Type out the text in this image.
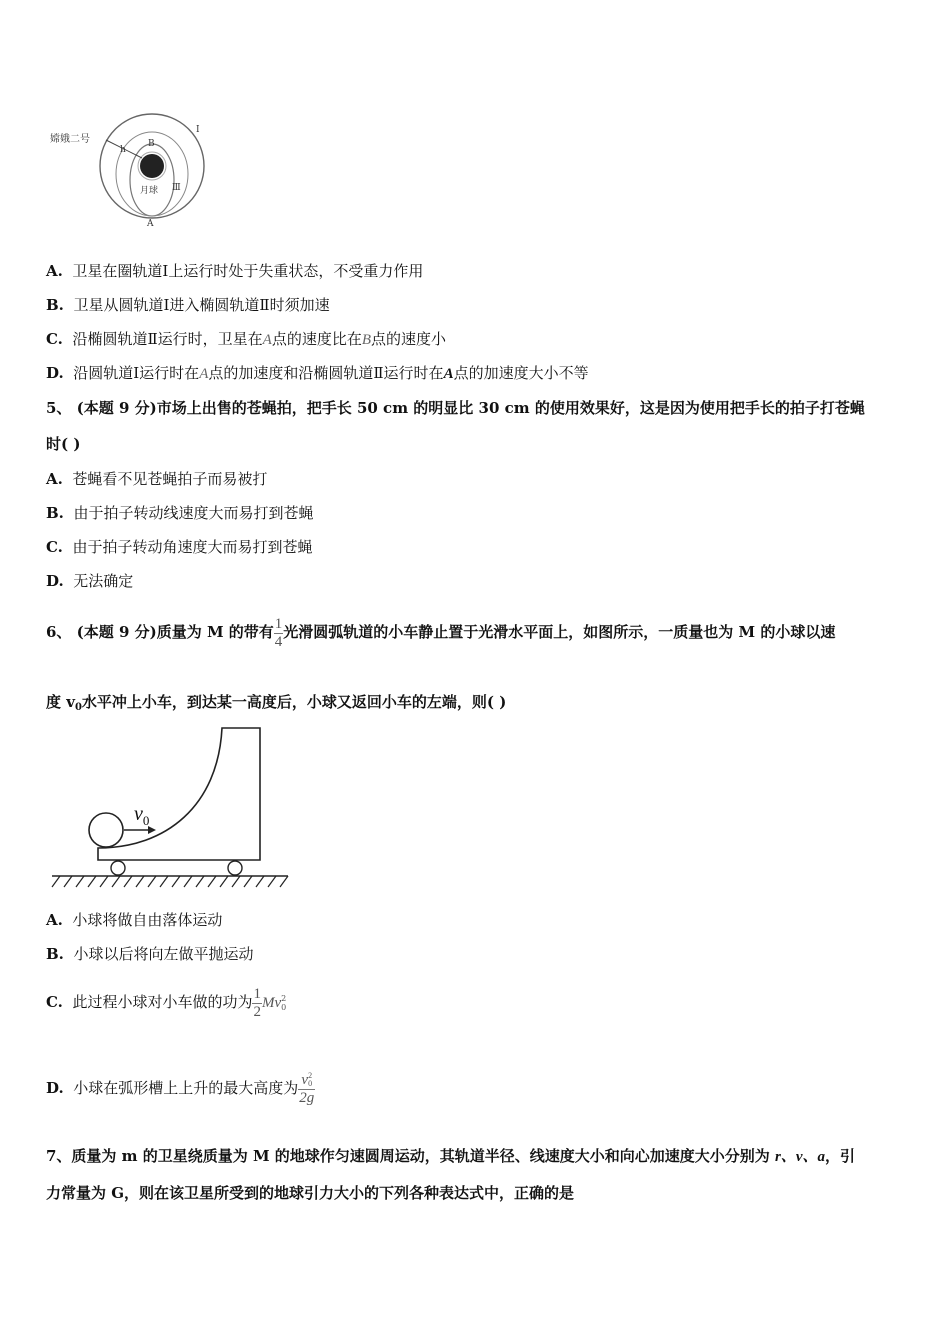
嫦娥二号
h
B
月球 Ⅲ
Ⅰ
A
A. 卫星在圈轨道Ⅰ上运行时处于失重状态，不受重力作用
B. 卫星从圆轨道Ⅰ进入椭圆轨道Ⅱ时须加速
C. 沿椭圆轨道Ⅱ运行时，卫星在A点的速度比在B点的速度小
D. 沿圆轨道Ⅰ运行时在A点的加速度和沿椭圆轨道Ⅱ运行时在A点的加速度大小不等
5、 (本题 9 分)市场上出售的苍蝇拍，把手长 50 cm 的明显比 30 cm 的使用效果好，这是因为使用把手长的拍子打苍蝇
时( )
A. 苍蝇看不见苍蝇拍子而易被打
B. 由于拍子转动线速度大而易打到苍蝇
C. 由于拍子转动角速度大而易打到苍蝇
D. 无法确定
6、 (本题 9 分)质量为 M 的带有 $\frac{1}{4}$ 光滑圆弧轨道的小车静止置于光滑水平面上，如图所示，一质量也为 M 的小球以速
度 $v_0$水平冲上小车，到达某一高度后，小球又返回小车的左端，则( )
$v_0$
A. 小球将做自由落体运动
B. 小球以后将向左做平抛运动
C. 此过程小球对小车做的功为 $\frac{1}{2}$ Mv 2
0
D. 小球在弧形槽上上升的最大高度为 v 2
0
2g
7、质量为 m 的卫星绕质量为 M 的地球作匀速圆周运动，其轨道半径、线速度大小和向心加速度大小分别为 r、v、a，引
力常量为 G，则在该卫星所受到的地球引力大小的下列各种表达式中，正确的是
